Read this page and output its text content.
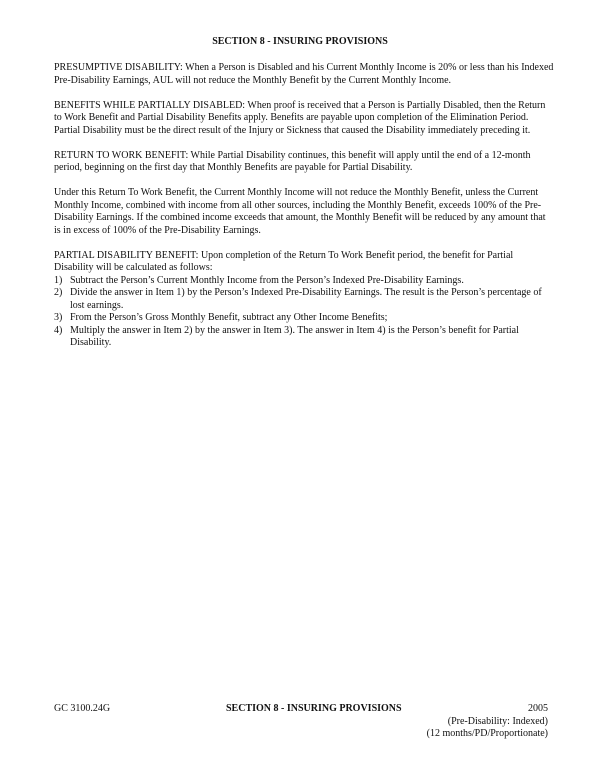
SECTION 8 - INSURING PROVISIONS

PRESUMPTIVE DISABILITY: When a Person is Disabled and his Current Monthly Income is 20% or less than his Indexed Pre-Disability Earnings, AUL will not reduce the Monthly Benefit by the Current Monthly Income.

BENEFITS WHILE PARTIALLY DISABLED: When proof is received that a Person is Partially Disabled, then the Return to Work Benefit and Partial Disability Benefits apply. Benefits are payable upon completion of the Elimination Period. Partial Disability must be the direct result of the Injury or Sickness that caused the Disability immediately preceding it.

RETURN TO WORK BENEFIT: While Partial Disability continues, this benefit will apply until the end of a 12-month period, beginning on the first day that Monthly Benefits are payable for Partial Disability.

Under this Return To Work Benefit, the Current Monthly Income will not reduce the Monthly Benefit, unless the Current Monthly Income, combined with income from all other sources, including the Monthly Benefit, exceeds 100% of the Pre-Disability Earnings. If the combined income exceeds that amount, the Monthly Benefit will be reduced by any amount that is in excess of 100% of the Pre-Disability Earnings.

PARTIAL DISABILITY BENEFIT: Upon completion of the Return To Work Benefit period, the benefit for Partial Disability will be calculated as follows:

1) Subtract the Person’s Current Monthly Income from the Person’s Indexed Pre-Disability Earnings.
2) Divide the answer in Item 1) by the Person’s Indexed Pre-Disability Earnings. The result is the Person’s percentage of lost earnings.
3) From the Person’s Gross Monthly Benefit, subtract any Other Income Benefits;
4) Multiply the answer in Item 2) by the answer in Item 3). The answer in Item 4) is the Person’s benefit for Partial Disability.
GC 3100.24G	SECTION 8 - INSURING PROVISIONS	2005
(Pre-Disability: Indexed)
(12 months/PD/Proportionate)
